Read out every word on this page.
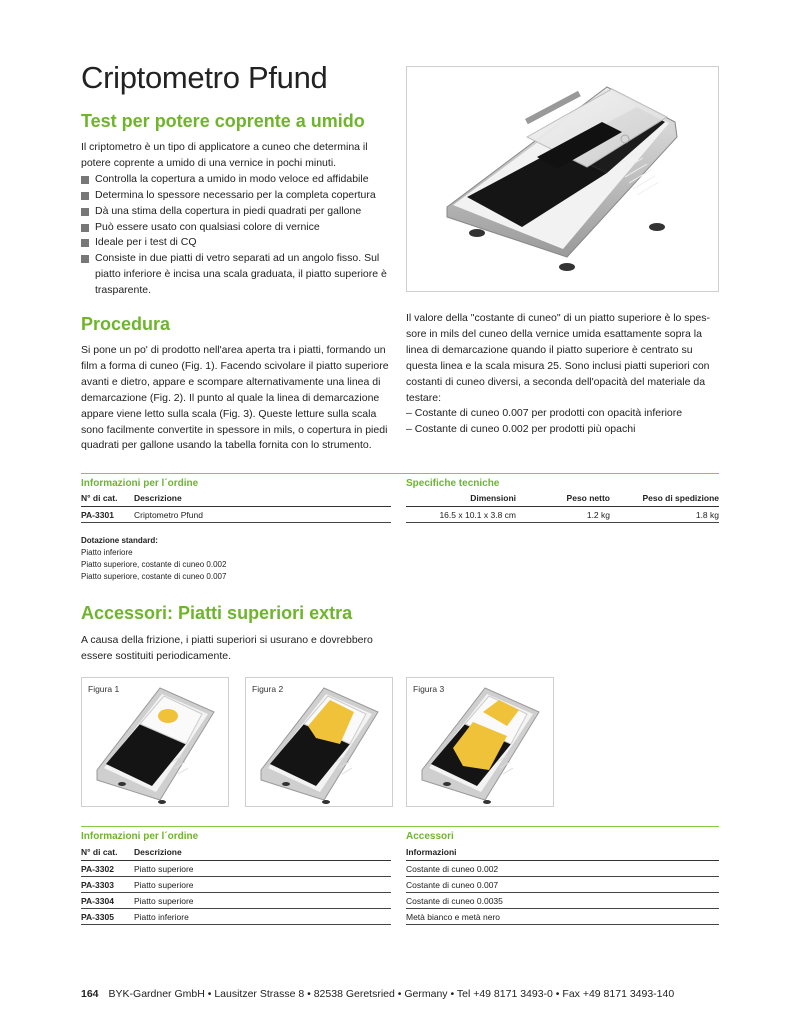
Criptometro Pfund
Test per potere coprente a umido

Il criptometro è un tipo di applicatore a cuneo che determina il potere coprente a umido di una vernice in pochi minuti.

Controlla la copertura a umido in modo veloce ed affidabile
Determina lo spessore necessario per la completa copertura
Dà una stima della copertura in piedi quadrati per gallone
Può essere usato con qualsiasi colore di vernice
Ideale per i test di CQ
Consiste in due piatti di vetro separati ad un angolo fisso. Sul piatto inferiore è incisa una scala graduata, il piatto superiore è trasparente.
Procedura

Si pone un po' di prodotto nell'area aperta tra i piatti, formando un film a forma di cuneo (Fig. 1). Facendo scivolare il piatto superiore avanti e dietro, appare e scompare alternativamente una linea di demarcazione (Fig. 2). Il punto al quale la linea di demarcazione appare viene letto sulla scala (Fig. 3). Queste letture sulla scala sono facilmente convertite in spessore in mils, o copertura in piedi quadrati per gallone usando la tabella fornita con lo strumento.

Il valore della "costante di cuneo" di un piatto superiore è lo spessore in mils del cuneo della vernice umida esattamente sopra la linea di demarcazione quando il piatto superiore è centrato su questa linea e la scala misura 25. Sono inclusi piatti superiori con costanti di cuneo diversi, a seconda dell'opacità del materiale da testare:

– Costante di cuneo 0.007 per prodotti con opacità inferiore

– Costante di cuneo 0.002 per prodotti più opachi

Informazioni per l´ordine	Specifiche tecniche
N° di cat.	Descrizione
PA-3301	Criptometro Pfund
Dimensioni	Peso netto	Peso di spedizione
16.5 x 10.1 x 3.8 cm	1.2 kg	1.8 kg
Dotazione standard:
Piatto inferiore
Piatto superiore, costante di cuneo 0.002
Piatto superiore, costante di cuneo 0.007
Accessori: Piatti superiori extra

A causa della frizione, i piatti superiori si usurano e dovrebbero essere sostituiti periodicamente.

Figura 1	Figura 2	Figura 3
Informazioni per l´ordine	Accessori
N° di cat.	Descrizione
PA-3302	Piatto superiore
PA-3303	Piatto superiore
PA-3304	Piatto superiore
PA-3305	Piatto inferiore
Informazioni
Costante di cuneo 0.002
Costante di cuneo 0.007
Costante di cuneo 0.0035
Metà bianco e metà nero
164 BYK-Gardner GmbH • Lausitzer Strasse 8 • 82538 Geretsried • Germany • Tel +49 8171 3493-0 • Fax +49 8171 3493-140
